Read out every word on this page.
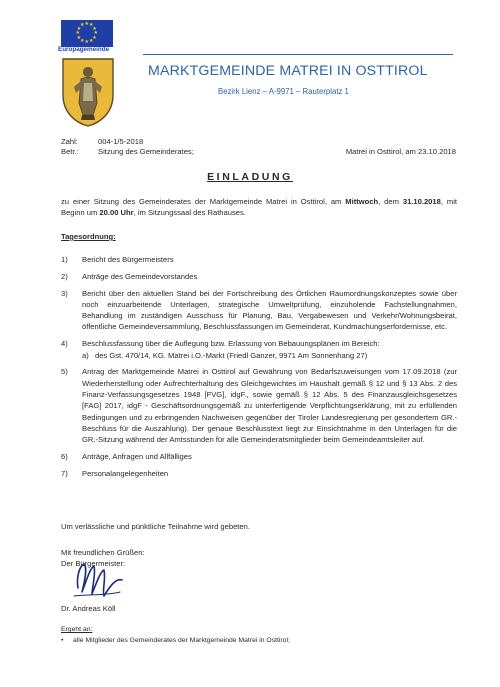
★ ★
★
★
★
★
★
★
★
★
★
★
Europagemeinde
MARKTGEMEINDE MATREI IN OSTTIROL
Bezirk Lienz – A-9971 – Rauterplatz 1
Zahl:	004-1/5-2018
Betr.:	Sitzung des Gemeinderates;	Matrei in Osttirol, am 23.10.2018
EINLADUNG

zu einer Sitzung des Gemeinderates der Marktgemeinde Matrei in Osttirol, am Mittwoch, dem 31.10.2018, mit Beginn um 20.00 Uhr, im Sitzungssaal des Rathauses.

Tagesordnung:
1)	Bericht des Bürgermeisters
2)	Anträge des Gemeindevorstandes
3)	Bericht über den aktuellen Stand bei der Fortschreibung des Örtlichen Raumordnungskonzeptes sowie über noch einzuarbeitende Unterlagen, strategische Umweltprüfung, einzuholende Fachstellungnahmen, Behandlung im zuständigen Ausschuss für Planung, Bau, Vergabewesen und Verkehr/Wohnungsbeirat, öffentliche Gemeindeversammlung, Beschlussfassungen im Gemeinderat, Kundmachungserfordernisse, etc.
4)	Beschlussfassung über die Auflegung bzw. Erlassung von Bebauungsplänen im Bereich:
a) des Gst. 470/14, KG. Matrei i.O.-Markt (Friedl Ganzer, 9971 Am Sonnenhang 27)
5)	Antrag der Marktgemeinde Matrei in Osttirol auf Gewährung von Bedarfszuweisungen vom 17.09.2018 (zur Wiederherstellung oder Aufrechterhaltung des Gleichgewichtes im Haushalt gemäß § 12 und § 13 Abs. 2 des Finanz-Verfassungsgesetzes 1948 [FVG], idgF., sowie gemäß § 12 Abs. 5 des Finanzausgleichsgesetzes [FAG] 2017, idgF - Geschäftsordnungsgemäß zu unterfertigende Verpflichtungserklärung, mit zu erfüllenden Bedingungen und zu erbringenden Nachweisen gegenüber der Tiroler Landesregierung per gesondertem GR.-Beschluss für die Auszahlung). Der genaue Beschlusstext liegt zur Einsichtnahme in den Unterlagen für die GR.-Sitzung während der Amtsstunden für alle Gemeinderatsmitglieder beim Gemeindeamtsleiter auf.
6)	Anträge, Anfragen und Allfälliges
7)	Personalangelegenheiten
Um verlässliche und pünktliche Teilnahme wird gebeten.
Mit freundlichen Grüßen:
Der Bürgermeister:
Dr. Andreas Köll
Ergeht an:
•	alle Mitglieder des Gemeinderates der Marktgemeinde Matrei in Osttirol;
